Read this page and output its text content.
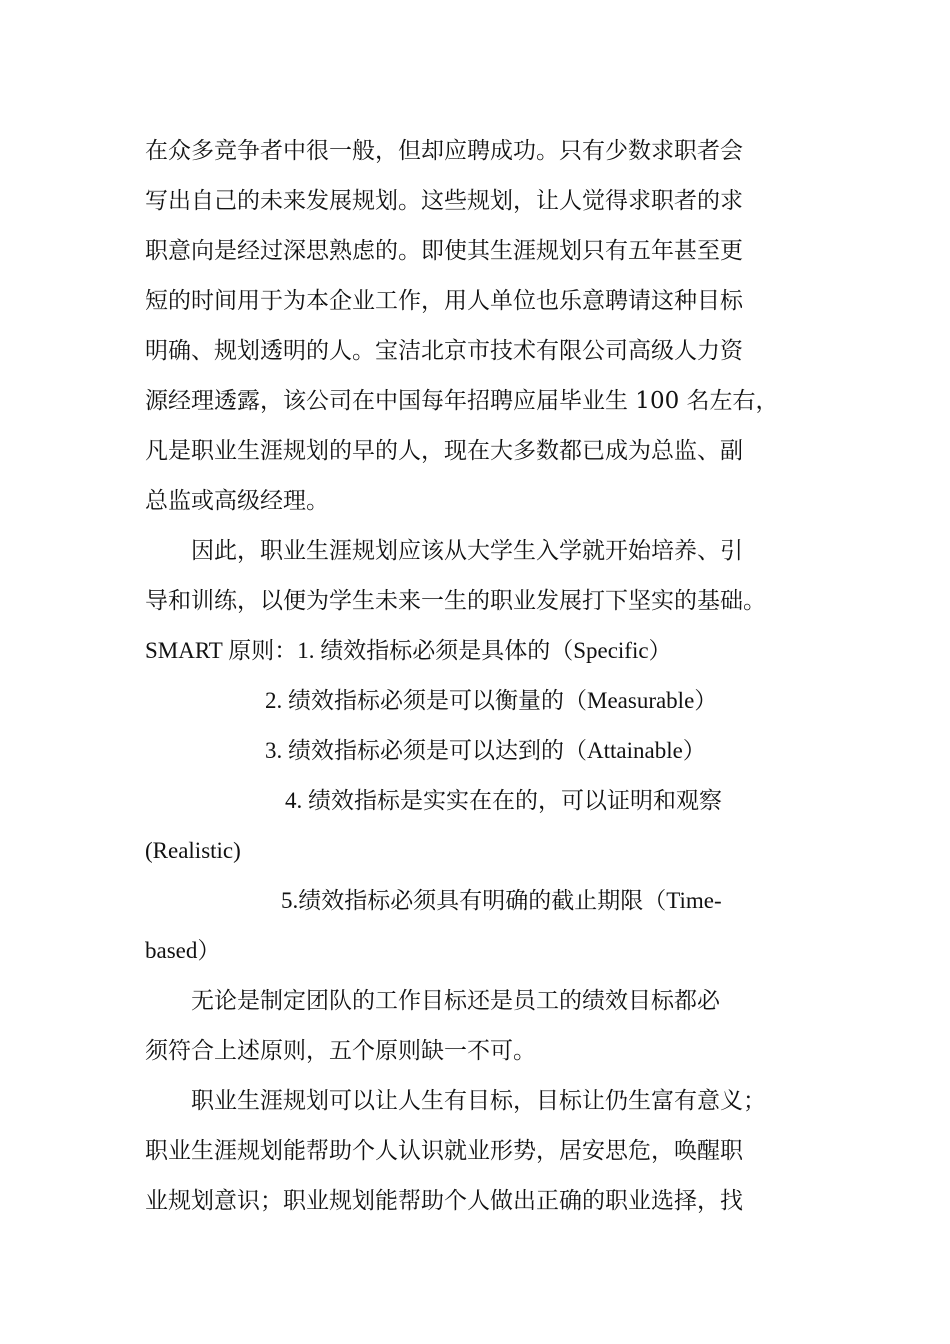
在众多竞争者中很一般，但却应聘成功。只有少数求职者会
写出自己的未来发展规划。这些规划，让人觉得求职者的求
职意向是经过深思熟虑的。即使其生涯规划只有五年甚至更
短的时间用于为本企业工作，用人单位也乐意聘请这种目标
明确、规划透明的人。宝洁北京市技术有限公司高级人力资
源经理透露，该公司在中国每年招聘应届毕业生 100 名左右，
凡是职业生涯规划的早的人，现在大多数都已成为总监、副
总监或高级经理。
因此，职业生涯规划应该从大学生入学就开始培养、引
导和训练，以便为学生未来一生的职业发展打下坚实的基础。
SMART 原则：1. 绩效指标必须是具体的（Specific）
2. 绩效指标必须是可以衡量的（Measurable）
3. 绩效指标必须是可以达到的（Attainable）
4. 绩效指标是实实在在的，可以证明和观察
(Realistic)
5.绩效指标必须具有明确的截止期限（Time-
based）
无论是制定团队的工作目标还是员工的绩效目标都必
须符合上述原则，五个原则缺一不可。
职业生涯规划可以让人生有目标，目标让仍生富有意义；
职业生涯规划能帮助个人认识就业形势，居安思危，唤醒职
业规划意识；职业规划能帮助个人做出正确的职业选择，找
